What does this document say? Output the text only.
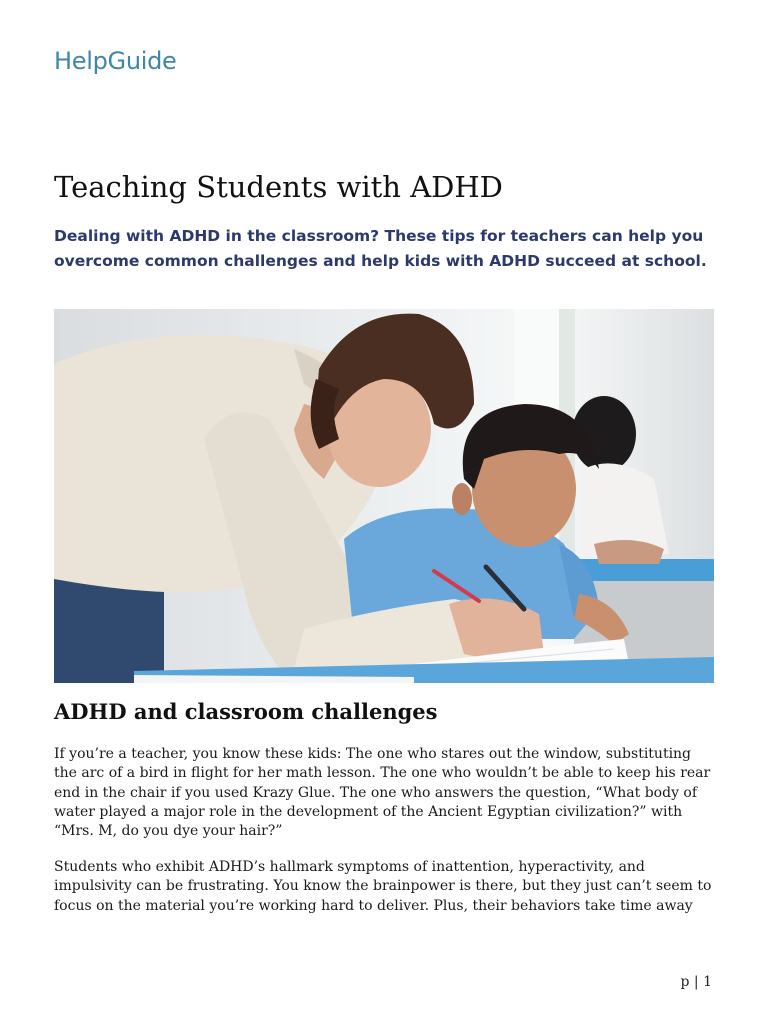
HelpGuide
Teaching Students with ADHD

Dealing with ADHD in the classroom? These tips for teachers can help you overcome common challenges and help kids with ADHD succeed at school.

ADHD and classroom challenges

If you’re a teacher, you know these kids: The one who stares out the window, substituting the arc of a bird in flight for her math lesson. The one who wouldn’t be able to keep his rear end in the chair if you used Krazy Glue. The one who answers the question, “What body of water played a major role in the development of the Ancient Egyptian civilization?” with “Mrs. M, do you dye your hair?”

Students who exhibit ADHD’s hallmark symptoms of inattention, hyperactivity, and impulsivity can be frustrating. You know the brainpower is there, but they just can’t seem to focus on the material you’re working hard to deliver. Plus, their behaviors take time away

p | 1
